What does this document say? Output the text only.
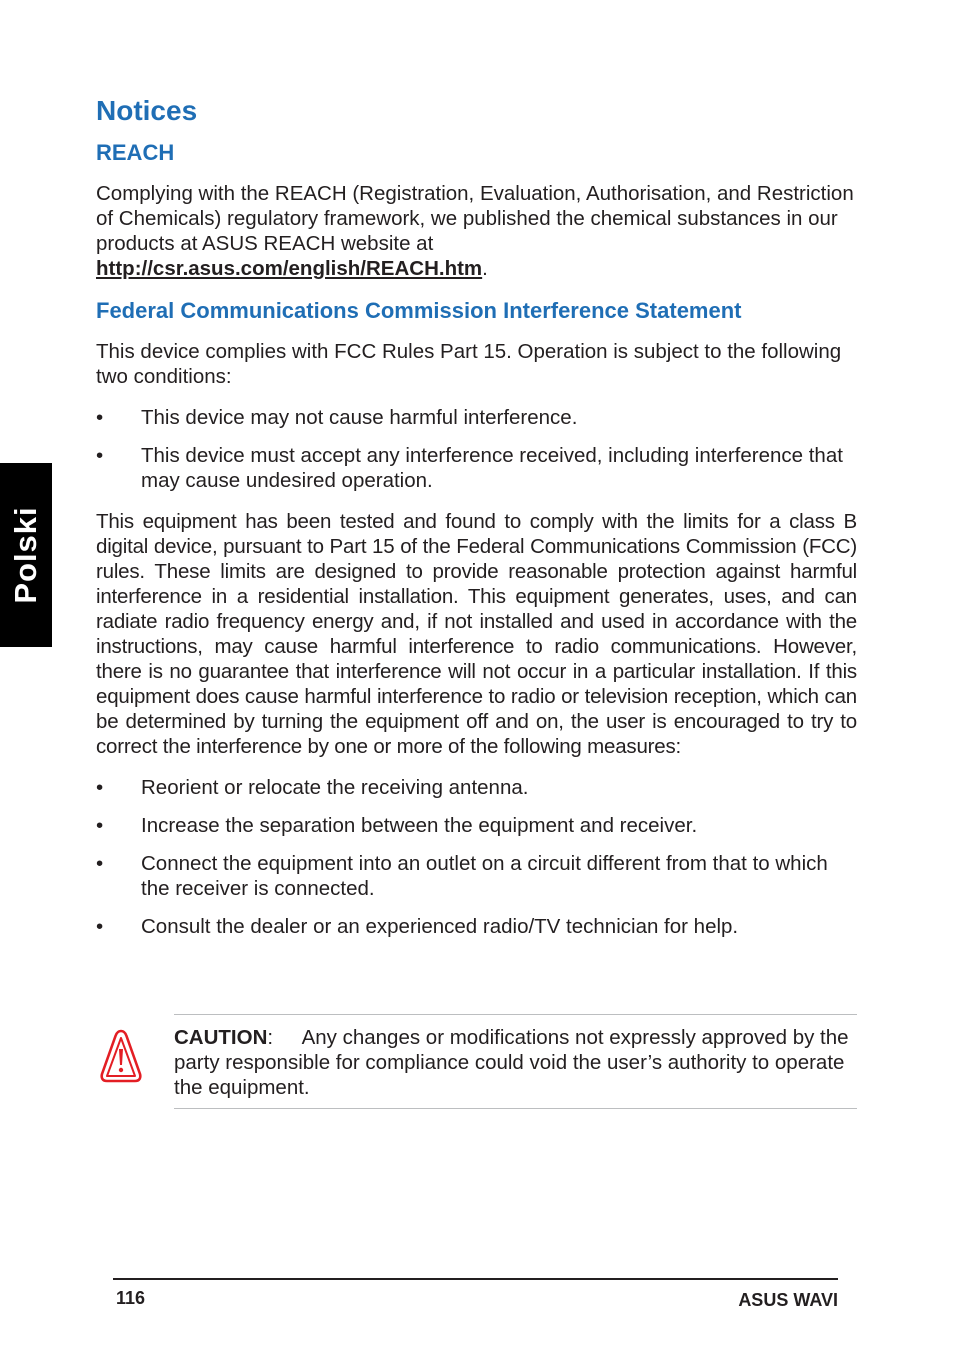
Polski
Notices
REACH

Complying with the REACH (Registration, Evaluation, Authorisation, and Restriction of Chemicals) regulatory framework, we published the chemical substances in our products at ASUS REACH website at
http://csr.asus.com/english/REACH.htm.

Federal Communications Commission Interference Statement

This device complies with FCC Rules Part 15. Operation is subject to the following two conditions:

• This device may not cause harmful interference.
• This device must accept any interference received, including interference that may cause undesired operation.

This equipment has been tested and found to comply with the limits for a class B digital device, pursuant to Part 15 of the Federal Communications Commission (FCC) rules. These limits are designed to provide reasonable protection against harmful interference in a residential installation. This equipment generates, uses, and can radiate radio frequency energy and, if not installed and used in accordance with the instructions, may cause harmful interference to radio communications. However, there is no guarantee that interference will not occur in a particular installation. If this equipment does cause harmful interference to radio or television reception, which can be determined by turning the equipment off and on, the user is encouraged to try to correct the interference by one or more of the following measures:

• Reorient or relocate the receiving antenna.
• Increase the separation between the equipment and receiver.
• Connect the equipment into an outlet on a circuit different from that to which the receiver is connected.
• Consult the dealer or an experienced radio/TV technician for help.

CAUTION: Any changes or modifications not expressly approved by the party responsible for compliance could void the user’s authority to operate the equipment.

116	ASUS WAVI
